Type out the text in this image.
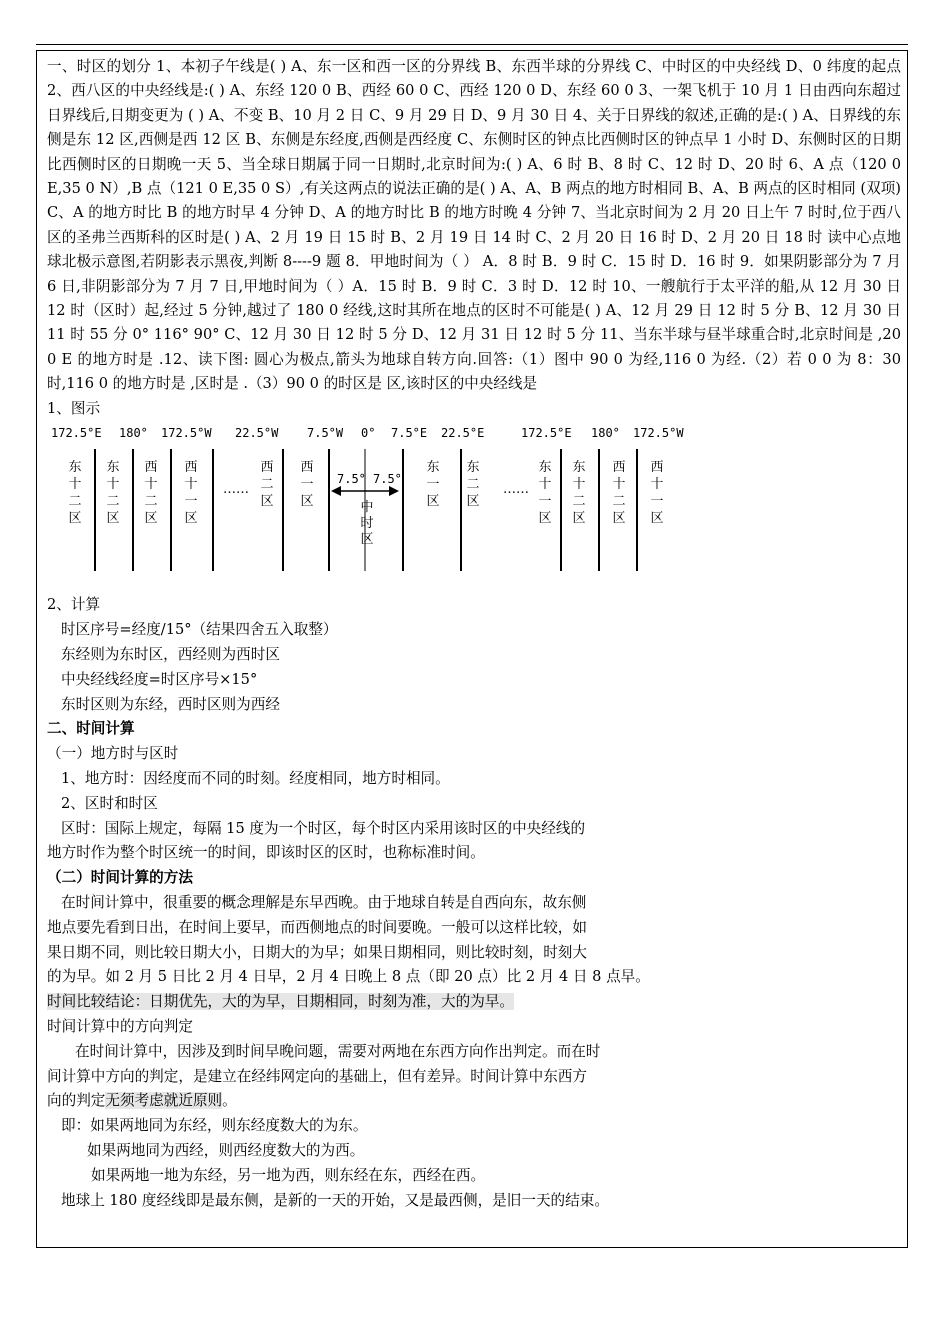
一、时区的划分 1、本初子午线是( ) A、东一区和西一区的分界线 B、东西半球的分界线 C、中时区的中央经线 D、0 纬度的起点 2、西八区的中央经线是:( ) A、东经 120 0 B、西经 60 0 C、西经 120 0 D、东经 60 0 3、一架飞机于 10 月 1 日由西向东超过日界线后,日期变更为 ( ) A、不变 B、10 月 2 日 C、9 月 29 日 D、9 月 30 日 4、关于日界线的叙述,正确的是:( ) A、日界线的东侧是东 12 区,西侧是西 12 区 B、东侧是东经度,西侧是西经度 C、东侧时区的钟点比西侧时区的钟点早 1 小时 D、东侧时区的日期比西侧时区的日期晚一天 5、当全球日期属于同一日期时,北京时间为:( ) A、6 时 B、8 时 C、12 时 D、20 时 6、A 点（120 0 E,35 0 N）,B 点（121 0 E,35 0 S）,有关这两点的说法正确的是( ) A、A、B 两点的地方时相同 B、A、B 两点的区时相同 (双项) C、A 的地方时比 B 的地方时早 4 分钟 D、A 的地方时比 B 的地方时晚 4 分钟 7、当北京时间为 2 月 20 日上午 7 时时,位于西八区的圣弗兰西斯科的区时是( ) A、2 月 19 日 15 时 B、2 月 19 日 14 时 C、2 月 20 日 16 时 D、2 月 20 日 18 时 读中心点地球北极示意图,若阴影表示黑夜,判断 8----9 题 8．甲地时间为（ ） A．8 时 B．9 时 C．15 时 D．16 时 9．如果阴影部分为 7 月 6 日,非阴影部分为 7 月 7 日,甲地时间为（ ）A．15 时 B．9 时 C．3 时 D．12 时 10、一艘航行于太平洋的船,从 12 月 30 日 12 时（区时）起,经过 5 分钟,越过了 180 0 经线,这时其所在地点的区时不可能是( ) A、12 月 29 日 12 时 5 分 B、12 月 30 日 11 时 55 分 0° 116° 90° C、12 月 30 日 12 时 5 分 D、12 月 31 日 12 时 5 分 11、当东半球与昼半球重合时,北京时间是 ,20 0 E 的地方时是 .12、读下图: 圆心为极点,箭头为地球自转方向.回答:（1）图中 90 0 为经,116 0 为经.（2）若 0 0 为 8：30 时,116 0 的地方时是 ,区时是 .（3）90 0 的时区是 区,该时区的中央经线是

1、图示

172.5°E 180° 172.5°W 22.5°W 7.5°W 0° 7.5°E 22.5°E	172.5°E 180° 172.5°W
东十二区
东十二区
西十二区
西十一区
西二区
西一区
东一区
东二区
东十一区
东十二区
西十二区
西十一区
……	……
7.5° 7.5°
中
时
区

2、计算

时区序号=经度/15°（结果四舍五入取整）

东经则为东时区，西经则为西时区

中央经线经度=时区序号×15°

东时区则为东经，西时区则为西经

二、时间计算

（一）地方时与区时

1、地方时：因经度而不同的时刻。经度相同，地方时相同。

2、区时和时区

区时：国际上规定，每隔 15 度为一个时区，每个时区内采用该时区的中央经线的

地方时作为整个时区统一的时间，即该时区的区时，也称标准时间。

（二）时间计算的方法

在时间计算中，很重要的概念理解是东早西晚。由于地球自转是自西向东，故东侧

地点要先看到日出，在时间上要早，而西侧地点的时间要晚。一般可以这样比较，如

果日期不同，则比较日期大小，日期大的为早；如果日期相同，则比较时刻，时刻大

的为早。如 2 月 5 日比 2 月 4 日早，2 月 4 日晚上 8 点（即 20 点）比 2 月 4 日 8 点早。

时间比较结论：日期优先，大的为早，日期相同，时刻为准，大的为早。

时间计算中的方向判定

在时间计算中，因涉及到时间早晚问题，需要对两地在东西方向作出判定。而在时

间计算中方向的判定，是建立在经纬网定向的基础上，但有差异。时间计算中东西方

向的判定无须考虑就近原则。

即：如果两地同为东经，则东经度数大的为东。

如果两地同为西经，则西经度数大的为西。

如果两地一地为东经，另一地为西，则东经在东，西经在西。

地球上 180 度经线即是最东侧，是新的一天的开始，又是最西侧，是旧一天的结束。
